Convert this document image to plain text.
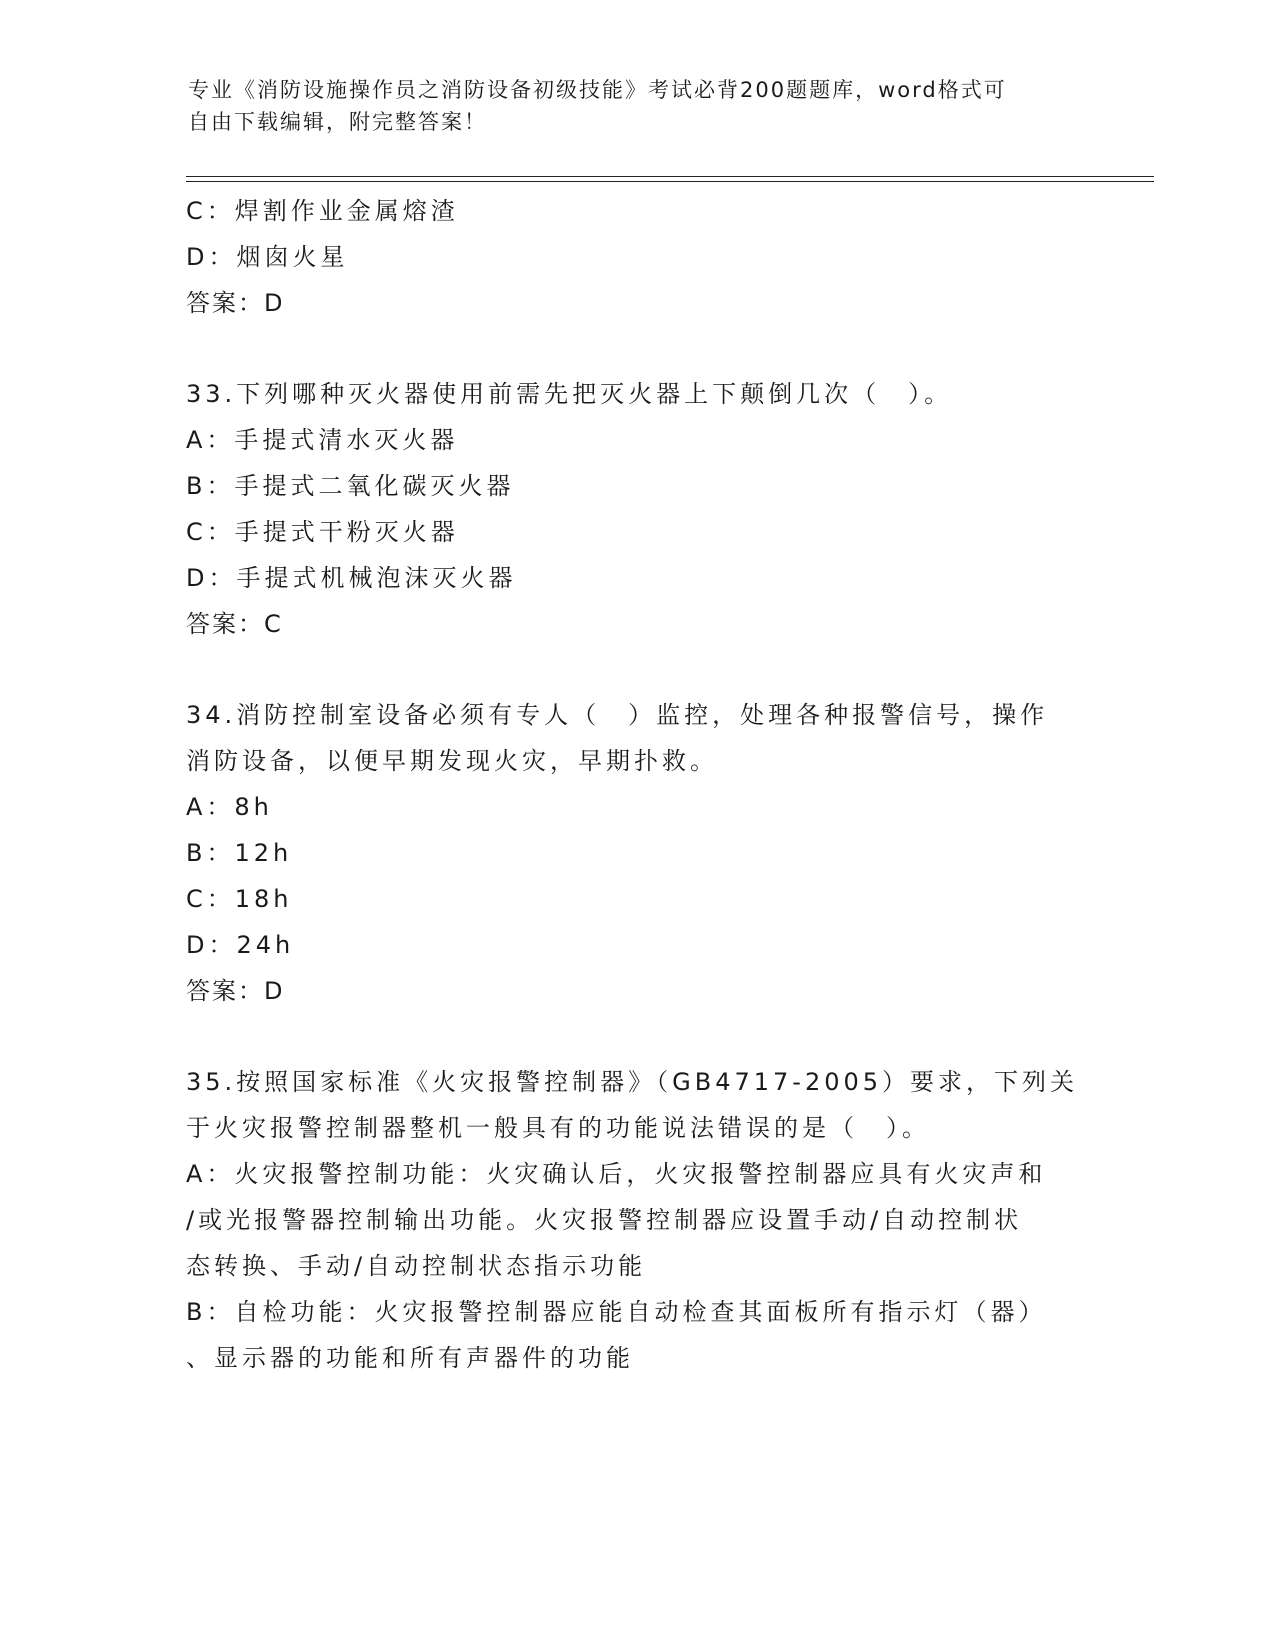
专业《消防设施操作员之消防设备初级技能》考试必背200题题库，word格式可
自由下载编辑，附完整答案！
C：焊割作业金属熔渣
D：烟囱火星
答案：D
33.下列哪种灭火器使用前需先把灭火器上下颠倒几次（　）。
A：手提式清水灭火器
B：手提式二氧化碳灭火器
C：手提式干粉灭火器
D：手提式机械泡沫灭火器
答案：C
34.消防控制室设备必须有专人（　）监控，处理各种报警信号，操作
消防设备，以便早期发现火灾，早期扑救。
A：8h
B：12h
C：18h
D：24h
答案：D
35.按照国家标准《火灾报警控制器》（GB4717-2005）要求，下列关
于火灾报警控制器整机一般具有的功能说法错误的是（　）。
A：火灾报警控制功能：火灾确认后，火灾报警控制器应具有火灾声和
/或光报警器控制输出功能。火灾报警控制器应设置手动/自动控制状
态转换、手动/自动控制状态指示功能
B：自检功能：火灾报警控制器应能自动检查其面板所有指示灯（器）
、显示器的功能和所有声器件的功能
